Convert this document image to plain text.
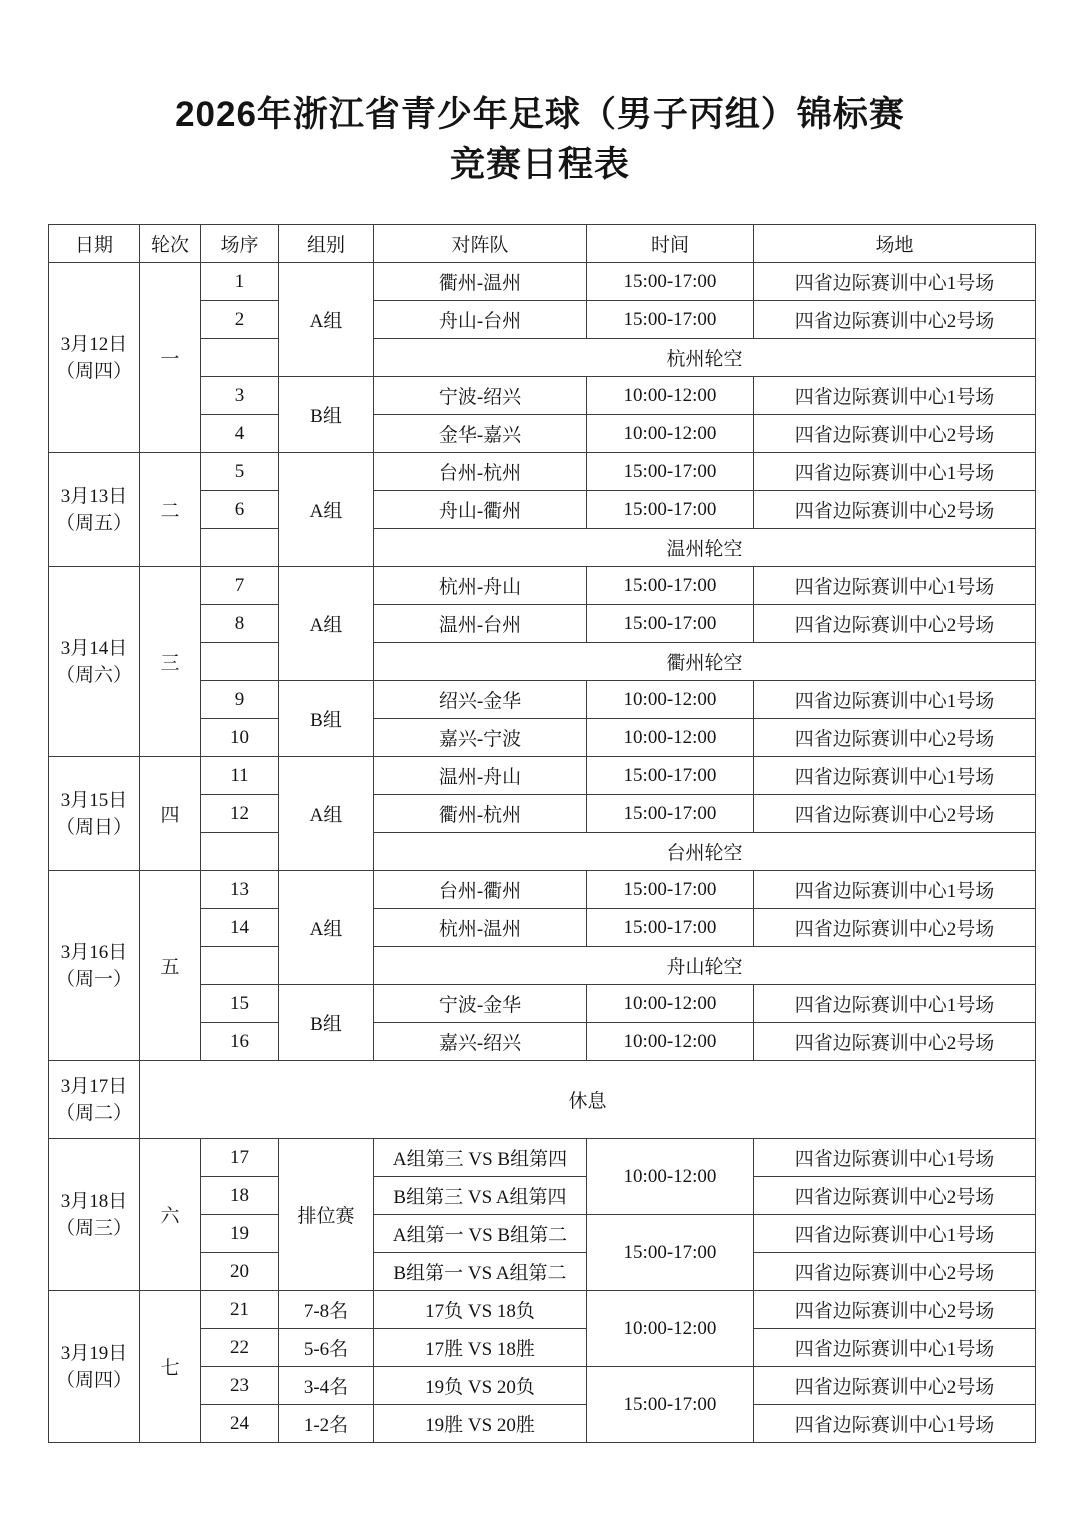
2026年浙江省青少年足球（男子丙组）锦标赛
竞赛日程表
日期	轮次	场序	组别	对阵队	时间	场地

3月12日
（周四）	一	1	A组	衢州-温州	15:00-17:00	四省边际赛训中心1号场
		2		舟山-台州	15:00-17:00	四省边际赛训中心2号场
				杭州轮空		
		3	B组	宁波-绍兴	10:00-12:00	四省边际赛训中心1号场
		4		金华-嘉兴	10:00-12:00	四省边际赛训中心2号场

3月13日
（周五）	二	5	A组	台州-杭州	15:00-17:00	四省边际赛训中心1号场
		6		舟山-衢州	15:00-17:00	四省边际赛训中心2号场
				温州轮空		

3月14日
（周六）	三	7	A组	杭州-舟山	15:00-17:00	四省边际赛训中心1号场
		8		温州-台州	15:00-17:00	四省边际赛训中心2号场
				衢州轮空		
		9	B组	绍兴-金华	10:00-12:00	四省边际赛训中心1号场
		10		嘉兴-宁波	10:00-12:00	四省边际赛训中心2号场

3月15日
（周日）	四	11	A组	温州-舟山	15:00-17:00	四省边际赛训中心1号场
		12		衢州-杭州	15:00-17:00	四省边际赛训中心2号场
				台州轮空		

3月16日
（周一）	五	13	A组	台州-衢州	15:00-17:00	四省边际赛训中心1号场
		14		杭州-温州	15:00-17:00	四省边际赛训中心2号场
				舟山轮空		
		15	B组	宁波-金华	10:00-12:00	四省边际赛训中心1号场
		16		嘉兴-绍兴	10:00-12:00	四省边际赛训中心2号场

3月17日
（周二）	休息					

3月18日
（周三）	六	17	排位赛	A组第三 VS B组第四	10:00-12:00	四省边际赛训中心1号场
		18		B组第三 VS A组第四		四省边际赛训中心2号场
		19		A组第一 VS B组第二	15:00-17:00	四省边际赛训中心1号场
		20		B组第一 VS A组第二		四省边际赛训中心2号场

3月19日
（周四）	七	21	7-8名	17负 VS 18负	10:00-12:00	四省边际赛训中心2号场
		22	5-6名	17胜 VS 18胜		四省边际赛训中心1号场
		23	3-4名	19负 VS 20负	15:00-17:00	四省边际赛训中心2号场
		24	1-2名	19胜 VS 20胜		四省边际赛训中心1号场
